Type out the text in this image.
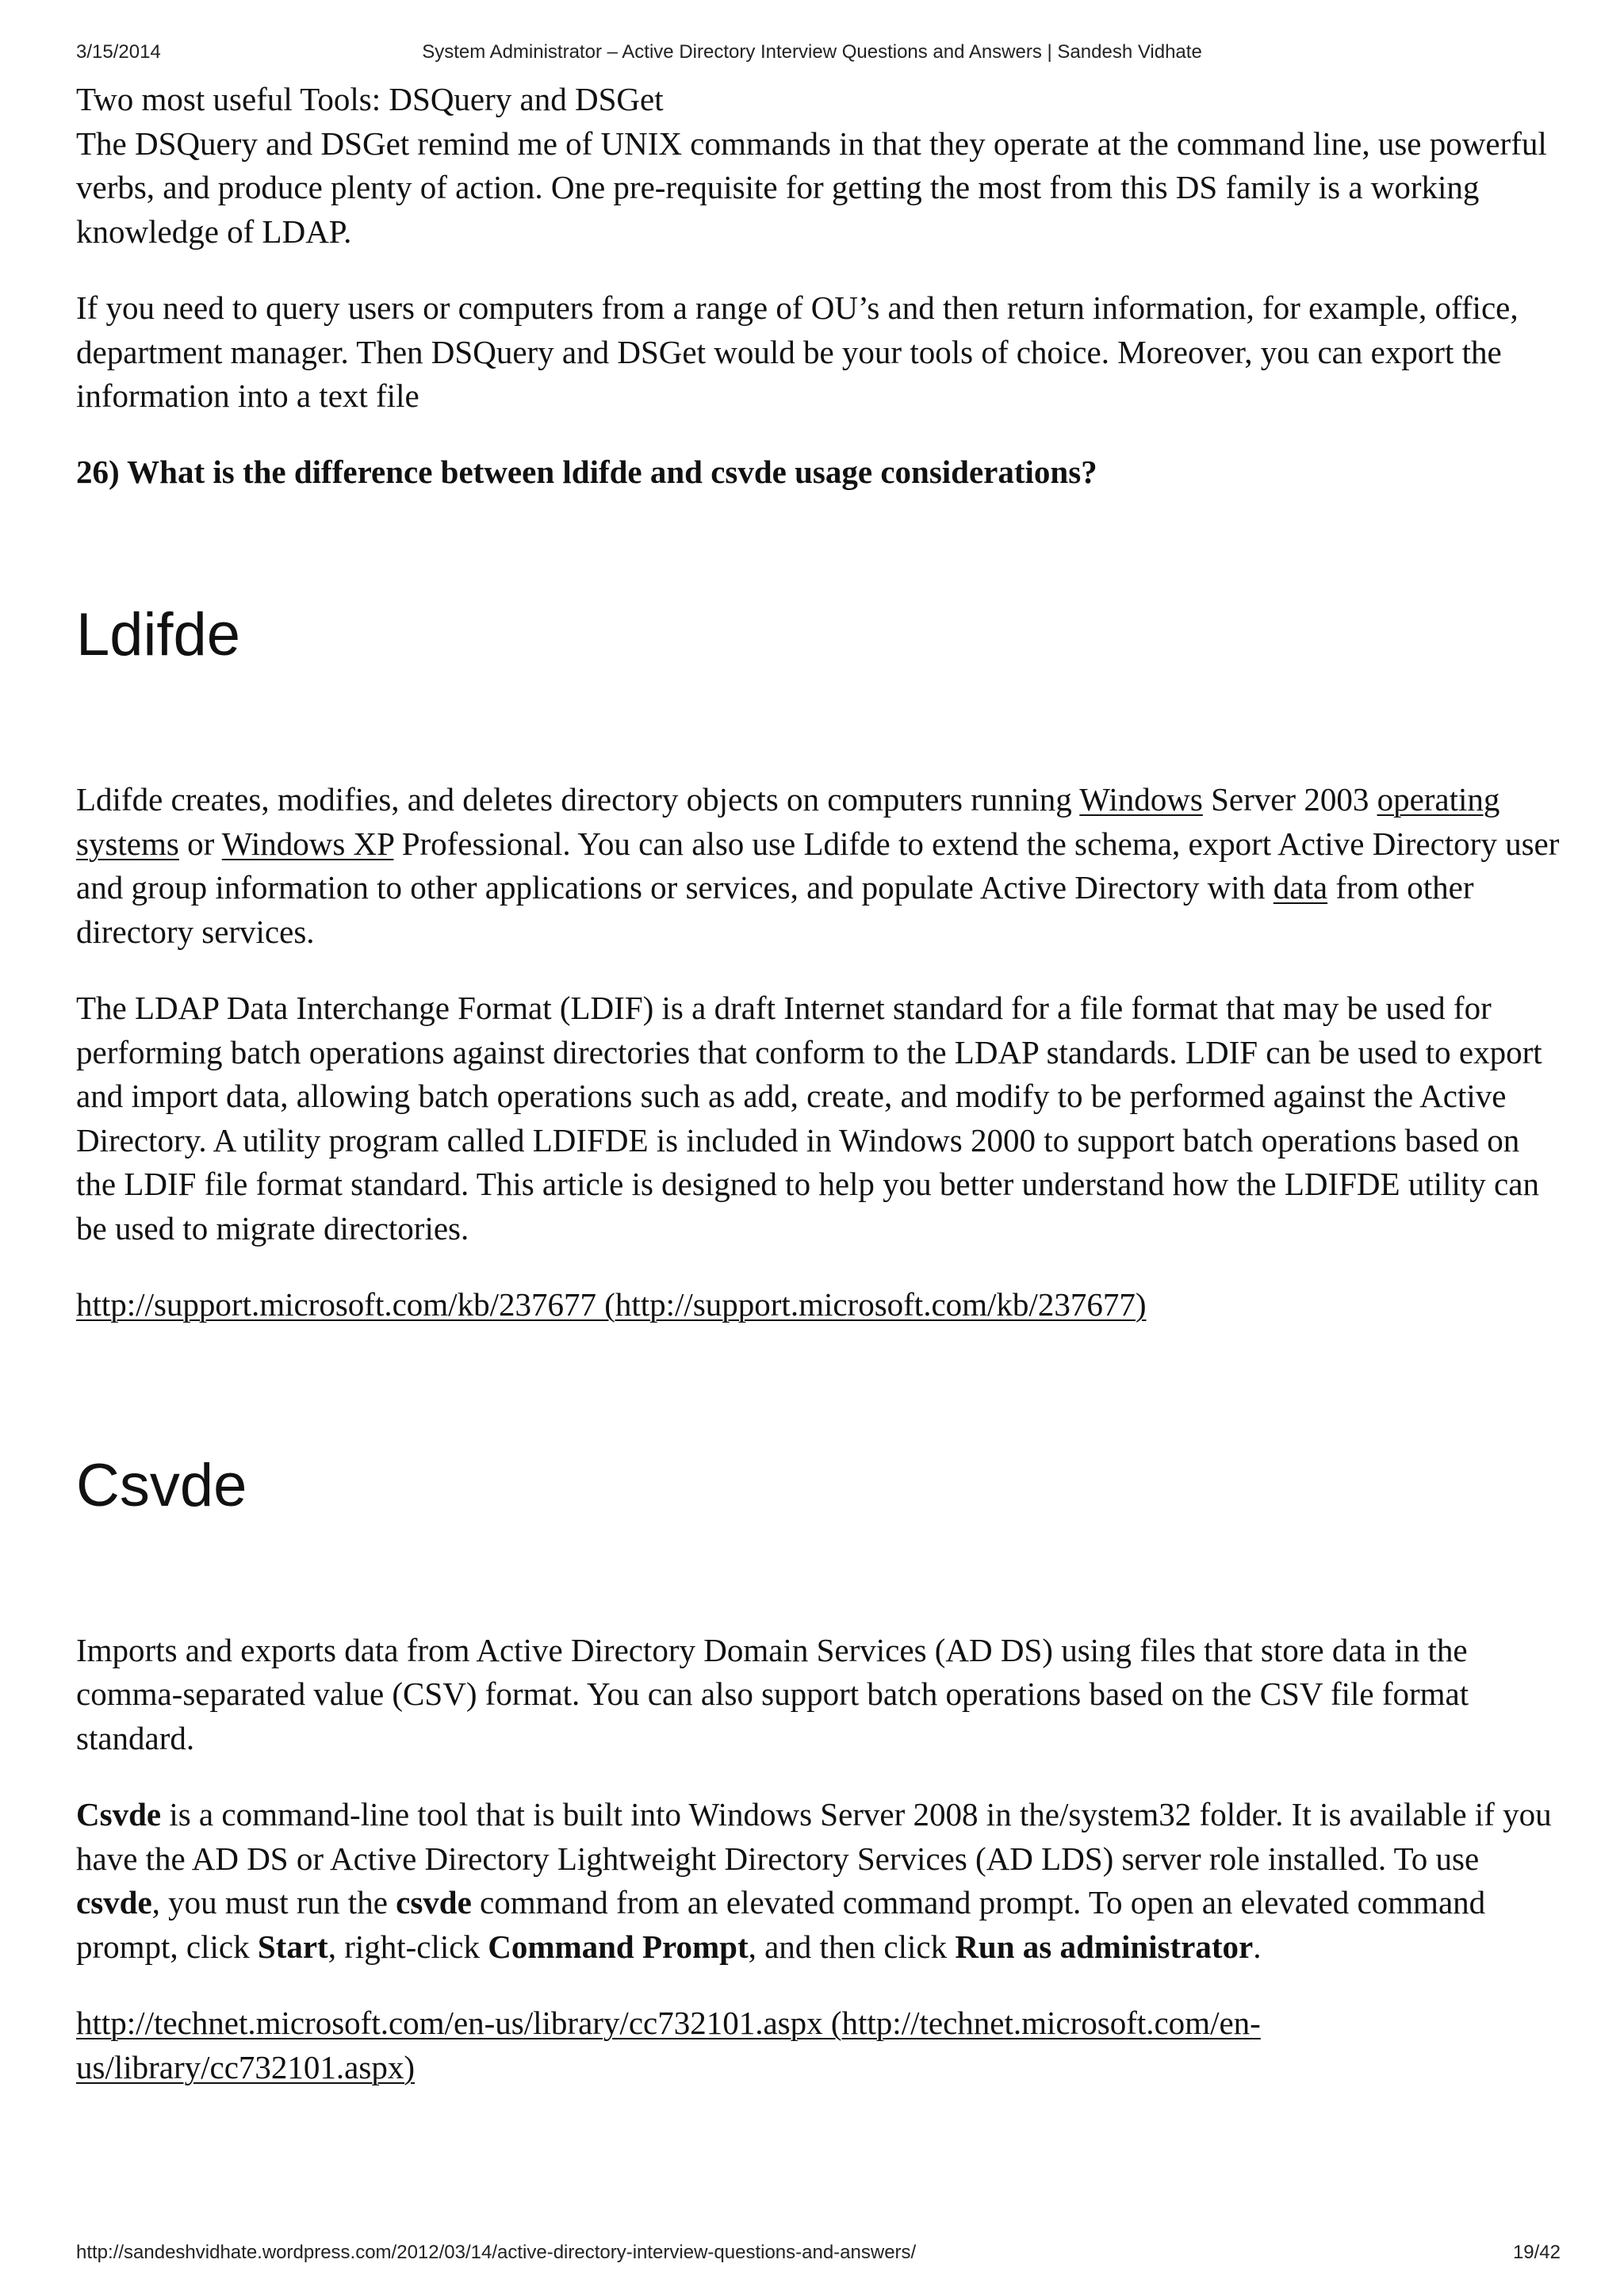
3/15/2014	System Administrator – Active Directory Interview Questions and Answers | Sandesh Vidhate

Two most useful Tools: DSQuery and DSGet

The DSQuery and DSGet remind me of UNIX commands in that they operate at the command line, use powerful verbs, and produce plenty of action. One pre-requisite for getting the most from this DS family is a working knowledge of LDAP.

If you need to query users or computers from a range of OU’s and then return information, for example, office, department manager. Then DSQuery and DSGet would be your tools of choice. Moreover, you can export the information into a text file

26) What is the difference between ldifde and csvde usage considerations?

Ldifde

Ldifde creates, modifies, and deletes directory objects on computers running Windows Server 2003 operating systems or Windows XP Professional. You can also use Ldifde to extend the schema, export Active Directory user and group information to other applications or services, and populate Active Directory with data from other directory services.

The LDAP Data Interchange Format (LDIF) is a draft Internet standard for a file format that may be used for performing batch operations against directories that conform to the LDAP standards. LDIF can be used to export and import data, allowing batch operations such as add, create, and modify to be performed against the Active Directory. A utility program called LDIFDE is included in Windows 2000 to support batch operations based on the LDIF file format standard. This article is designed to help you better understand how the LDIFDE utility can be used to migrate directories.

http://support.microsoft.com/kb/237677 (http://support.microsoft.com/kb/237677)

Csvde

Imports and exports data from Active Directory Domain Services (AD DS) using files that store data in the comma-separated value (CSV) format. You can also support batch operations based on the CSV file format standard.

Csvde is a command-line tool that is built into Windows Server 2008 in the/system32 folder. It is available if you have the AD DS or Active Directory Lightweight Directory Services (AD LDS) server role installed. To use csvde, you must run the csvde command from an elevated command prompt. To open an elevated command prompt, click Start, right-click Command Prompt, and then click Run as administrator.

http://technet.microsoft.com/en-us/library/cc732101.aspx (http://technet.microsoft.com/en-us/library/cc732101.aspx)

http://sandeshvidhate.wordpress.com/2012/03/14/active-directory-interview-questions-and-answers/	19/42
